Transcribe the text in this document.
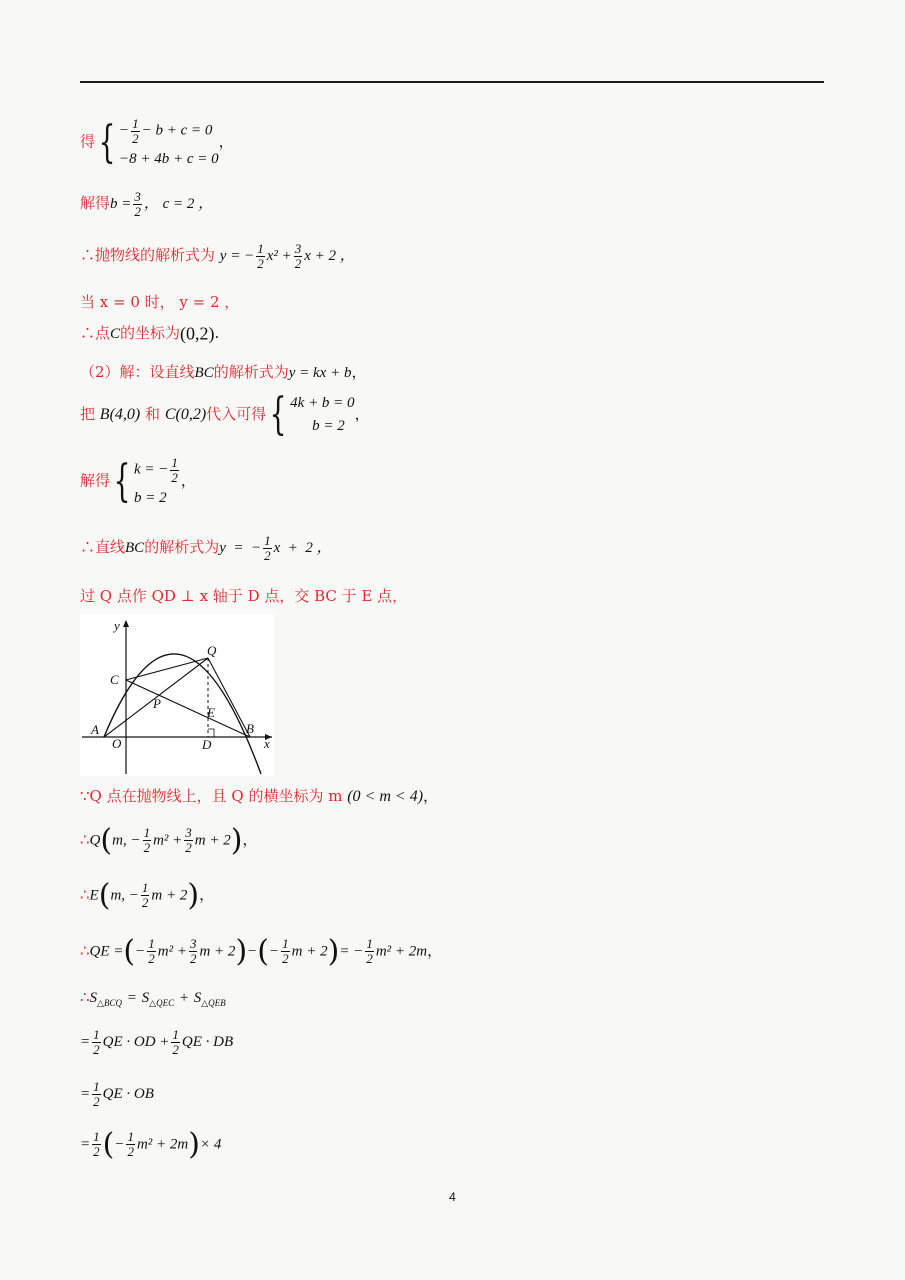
得{ − $\frac{1}{2} - b + c = 0$
−8 + 4b + c = 0
，
解得$b = \frac{3}{2}$ ， c = 2 ，
∴抛物线的解析式为 y = − $\frac{1}{2} x^2 + \frac{3}{2}$ x + 2 ，
当 x = 0 时， y = 2 ，
∴点C的坐标为(0,2).
（2）解：设直线BC的解析式为y = kx + b，
把 B(4,0) 和 C(0,2)代入可得{ 4k + b = 0
b = 2
，
解得{ k = − $\frac{1}{2}$
b = 2
，
∴直线BC的解析式为y  =  − $\frac{1}{2}$ x  +  2 ，
过 Q 点作 QD ⊥ x 轴于 D 点，交 BC 于 E 点，
y
x
C
Q
P
E
A
O	D
B
∵Q 点在抛物线上，且 Q 的横坐标为 m (0 < m < 4)，
∴Q(m, − $\frac{1}{2} m^2 + \frac{3}{2}$ m + 2)，
∴E(m, − $\frac{1}{2}$ m + 2)，
∴QE =(− $\frac{1}{2} m^2 + \frac{3}{2}$ $m + 2)-(- \frac{1}{2}$ $m + 2)= - \frac{1}{2} m^2 + 2m$，
$\therefore S_{\triangle BCQ} = S_{\triangle QEC} + S_{\triangle QEB}$
= $\frac{1}{2}$ QE · OD + $\frac{1}{2}$ QE · DB
= $\frac{1}{2}$ QE · OB
= $\frac{1}{2}$ (− $\frac{1}{2} m^2 + 2m)\times 4$
4
